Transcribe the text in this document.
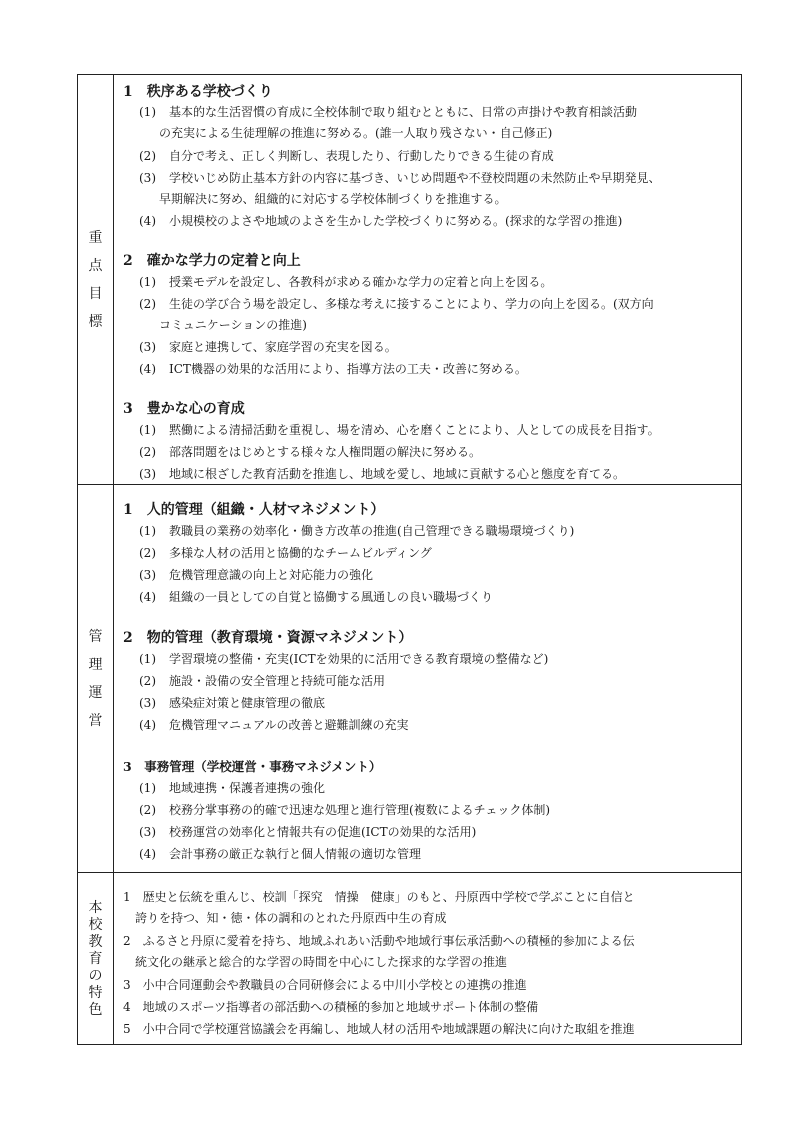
重
点
目
標
1　秩序ある学校づくり
(1) 基本的な生活習慣の育成に全校体制で取り組むとともに、日常の声掛けや教育相談活動
の充実による生徒理解の推進に努める。(誰一人取り残さない・自己修正)
(2) 自分で考え、正しく判断し、表現したり、行動したりできる生徒の育成
(3) 学校いじめ防止基本方針の内容に基づき、いじめ問題や不登校問題の未然防止や早期発見、
早期解決に努め、組織的に対応する学校体制づくりを推進する。
(4) 小規模校のよさや地域のよさを生かした学校づくりに努める。(探求的な学習の推進)
2　確かな学力の定着と向上
(1) 授業モデルを設定し、各教科が求める確かな学力の定着と向上を図る。
(2) 生徒の学び合う場を設定し、多様な考えに接することにより、学力の向上を図る。(双方向
コミュニケーションの推進)
(3) 家庭と連携して、家庭学習の充実を図る。
(4) ICT機器の効果的な活用により、指導方法の工夫・改善に努める。
3　豊かな心の育成
(1) 黙働による清掃活動を重視し、場を清め、心を磨くことにより、人としての成長を目指す。
(2) 部落問題をはじめとする様々な人権問題の解決に努める。
(3) 地域に根ざした教育活動を推進し、地域を愛し、地域に貢献する心と態度を育てる。
管
理
運
営
1　人的管理（組織・人材マネジメント）
(1) 教職員の業務の効率化・働き方改革の推進(自己管理できる職場環境づくり)
(2) 多様な人材の活用と協働的なチームビルディング
(3) 危機管理意識の向上と対応能力の強化
(4) 組織の一員としての自覚と協働する風通しの良い職場づくり
2　物的管理（教育環境・資源マネジメント）
(1) 学習環境の整備・充実(ICTを効果的に活用できる教育環境の整備など)
(2) 施設・設備の安全管理と持続可能な活用
(3) 感染症対策と健康管理の徹底
(4) 危機管理マニュアルの改善と避難訓練の充実
3　事務管理（学校運営・事務マネジメント）
(1) 地域連携・保護者連携の強化
(2) 校務分掌事務の的確で迅速な処理と進行管理(複数によるチェック体制)
(3) 校務運営の効率化と情報共有の促進(ICTの効果的な活用)
(4) 会計事務の厳正な執行と個人情報の適切な管理
本
校
教
育
の
特
色
1　歴史と伝統を重んじ、校訓「探究　情操　健康」のもと、丹原西中学校で学ぶことに自信と
誇りを持つ、知・徳・体の調和のとれた丹原西中生の育成
2　ふるさと丹原に愛着を持ち、地域ふれあい活動や地域行事伝承活動への積極的参加による伝
統文化の継承と総合的な学習の時間を中心にした探求的な学習の推進
3　小中合同運動会や教職員の合同研修会による中川小学校との連携の推進
4　地域のスポーツ指導者の部活動への積極的参加と地域サポート体制の整備
5　小中合同で学校運営協議会を再編し、地域人材の活用や地域課題の解決に向けた取組を推進
